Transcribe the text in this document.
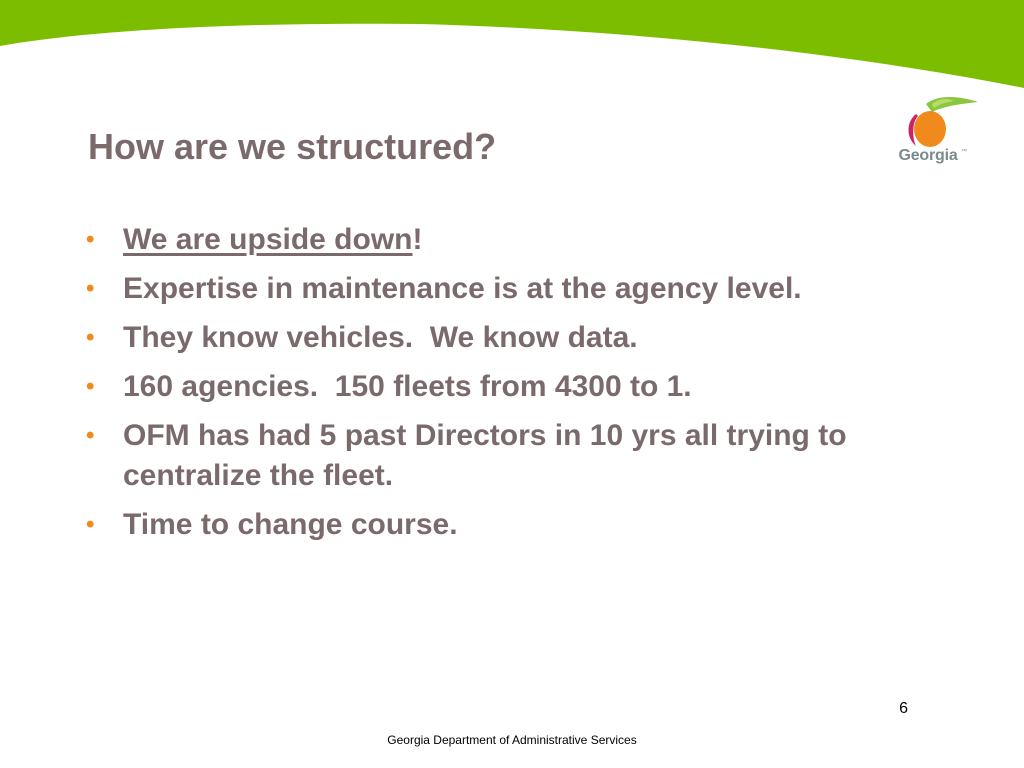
Georgia ™
How are we structured?
• We are upside down!
• Expertise in maintenance is at the agency level.
• They know vehicles.  We know data.
• 160 agencies.  150 fleets from 4300 to 1.
• OFM has had 5 past Directors in 10 yrs all trying to centralize the fleet.
• Time to change course.
6
Georgia Department of Administrative Services
